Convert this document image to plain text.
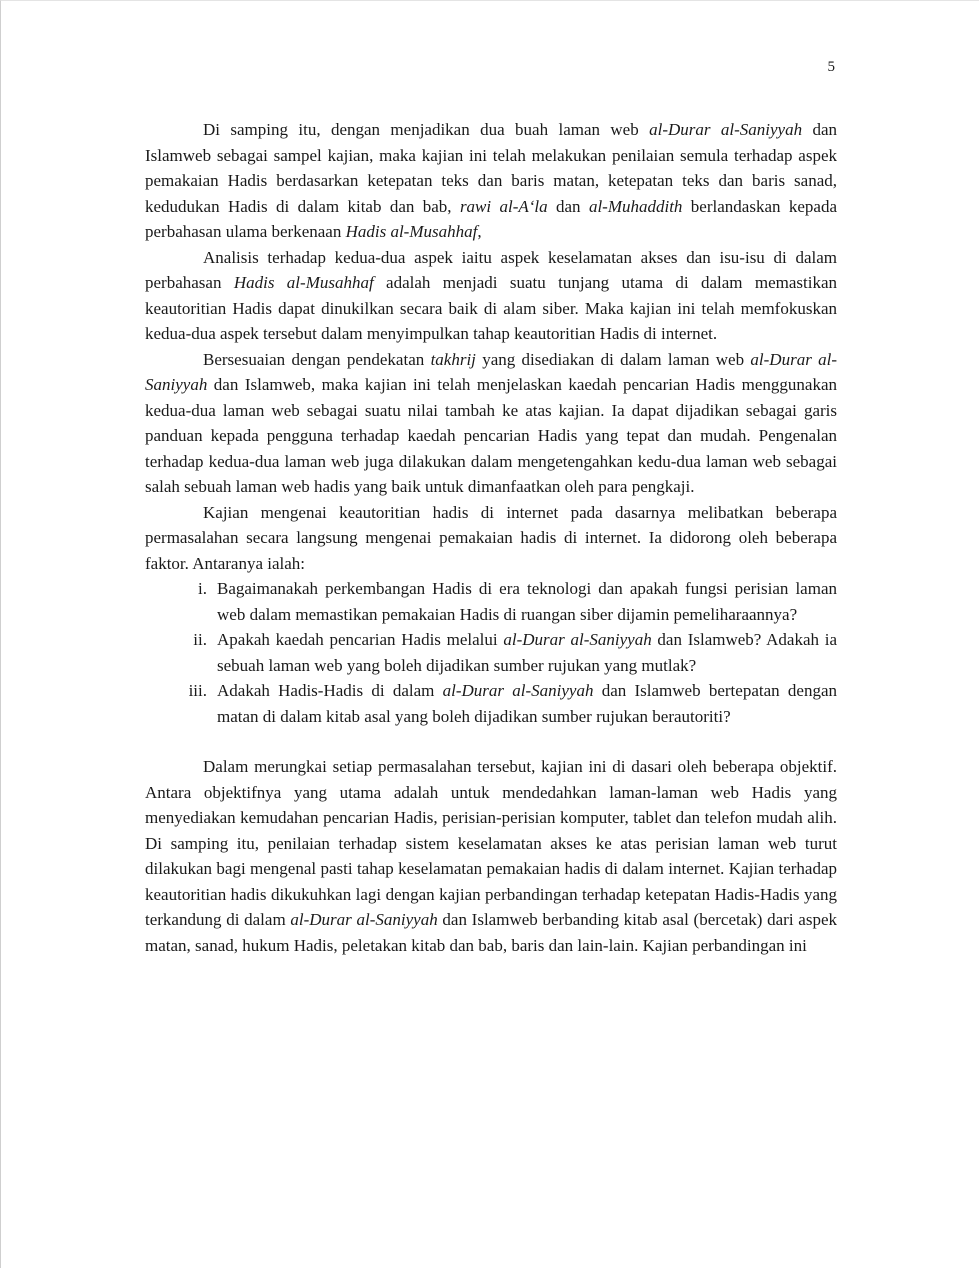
5

Di samping itu, dengan menjadikan dua buah laman web al-Durar al-Saniyyah dan Islamweb sebagai sampel kajian, maka kajian ini telah melakukan penilaian semula terhadap aspek pemakaian Hadis berdasarkan ketepatan teks dan baris matan, ketepatan teks dan baris sanad, kedudukan Hadis di dalam kitab dan bab, rawi al-A‘la dan al-Muhaddith berlandaskan kepada perbahasan ulama berkenaan Hadis al-Musahhaf,

Analisis terhadap kedua-dua aspek iaitu aspek keselamatan akses dan isu-isu di dalam perbahasan Hadis al-Musahhaf adalah menjadi suatu tunjang utama di dalam memastikan keautoritian Hadis dapat dinukilkan secara baik di alam siber. Maka kajian ini telah memfokuskan kedua-dua aspek tersebut dalam menyimpulkan tahap keautoritian Hadis di internet.

Bersesuaian dengan pendekatan takhrij yang disediakan di dalam laman web al-Durar al-Saniyyah dan Islamweb, maka kajian ini telah menjelaskan kaedah pencarian Hadis menggunakan kedua-dua laman web sebagai suatu nilai tambah ke atas kajian. Ia dapat dijadikan sebagai garis panduan kepada pengguna terhadap kaedah pencarian Hadis yang tepat dan mudah. Pengenalan terhadap kedua-dua laman web juga dilakukan dalam mengetengahkan kedu-dua laman web sebagai salah sebuah laman web hadis yang baik untuk dimanfaatkan oleh para pengkaji.

Kajian mengenai keautoritian hadis di internet pada dasarnya melibatkan beberapa permasalahan secara langsung mengenai pemakaian hadis di internet. Ia didorong oleh beberapa faktor. Antaranya ialah:

i. Bagaimanakah perkembangan Hadis di era teknologi dan apakah fungsi perisian laman web dalam memastikan pemakaian Hadis di ruangan siber dijamin pemeliharaannya?
ii. Apakah kaedah pencarian Hadis melalui al-Durar al-Saniyyah dan Islamweb? Adakah ia sebuah laman web yang boleh dijadikan sumber rujukan yang mutlak?
iii. Adakah Hadis-Hadis di dalam al-Durar al-Saniyyah dan Islamweb bertepatan dengan matan di dalam kitab asal yang boleh dijadikan sumber rujukan berautoriti?

Dalam merungkai setiap permasalahan tersebut, kajian ini di dasari oleh beberapa objektif. Antara objektifnya yang utama adalah untuk mendedahkan laman-laman web Hadis yang menyediakan kemudahan pencarian Hadis, perisian-perisian komputer, tablet dan telefon mudah alih. Di samping itu, penilaian terhadap sistem keselamatan akses ke atas perisian laman web turut dilakukan bagi mengenal pasti tahap keselamatan pemakaian hadis di dalam internet. Kajian terhadap keautoritian hadis dikukuhkan lagi dengan kajian perbandingan terhadap ketepatan Hadis-Hadis yang terkandung di dalam al-Durar al-Saniyyah dan Islamweb berbanding kitab asal (bercetak) dari aspek matan, sanad, hukum Hadis, peletakan kitab dan bab, baris dan lain-lain. Kajian perbandingan ini
